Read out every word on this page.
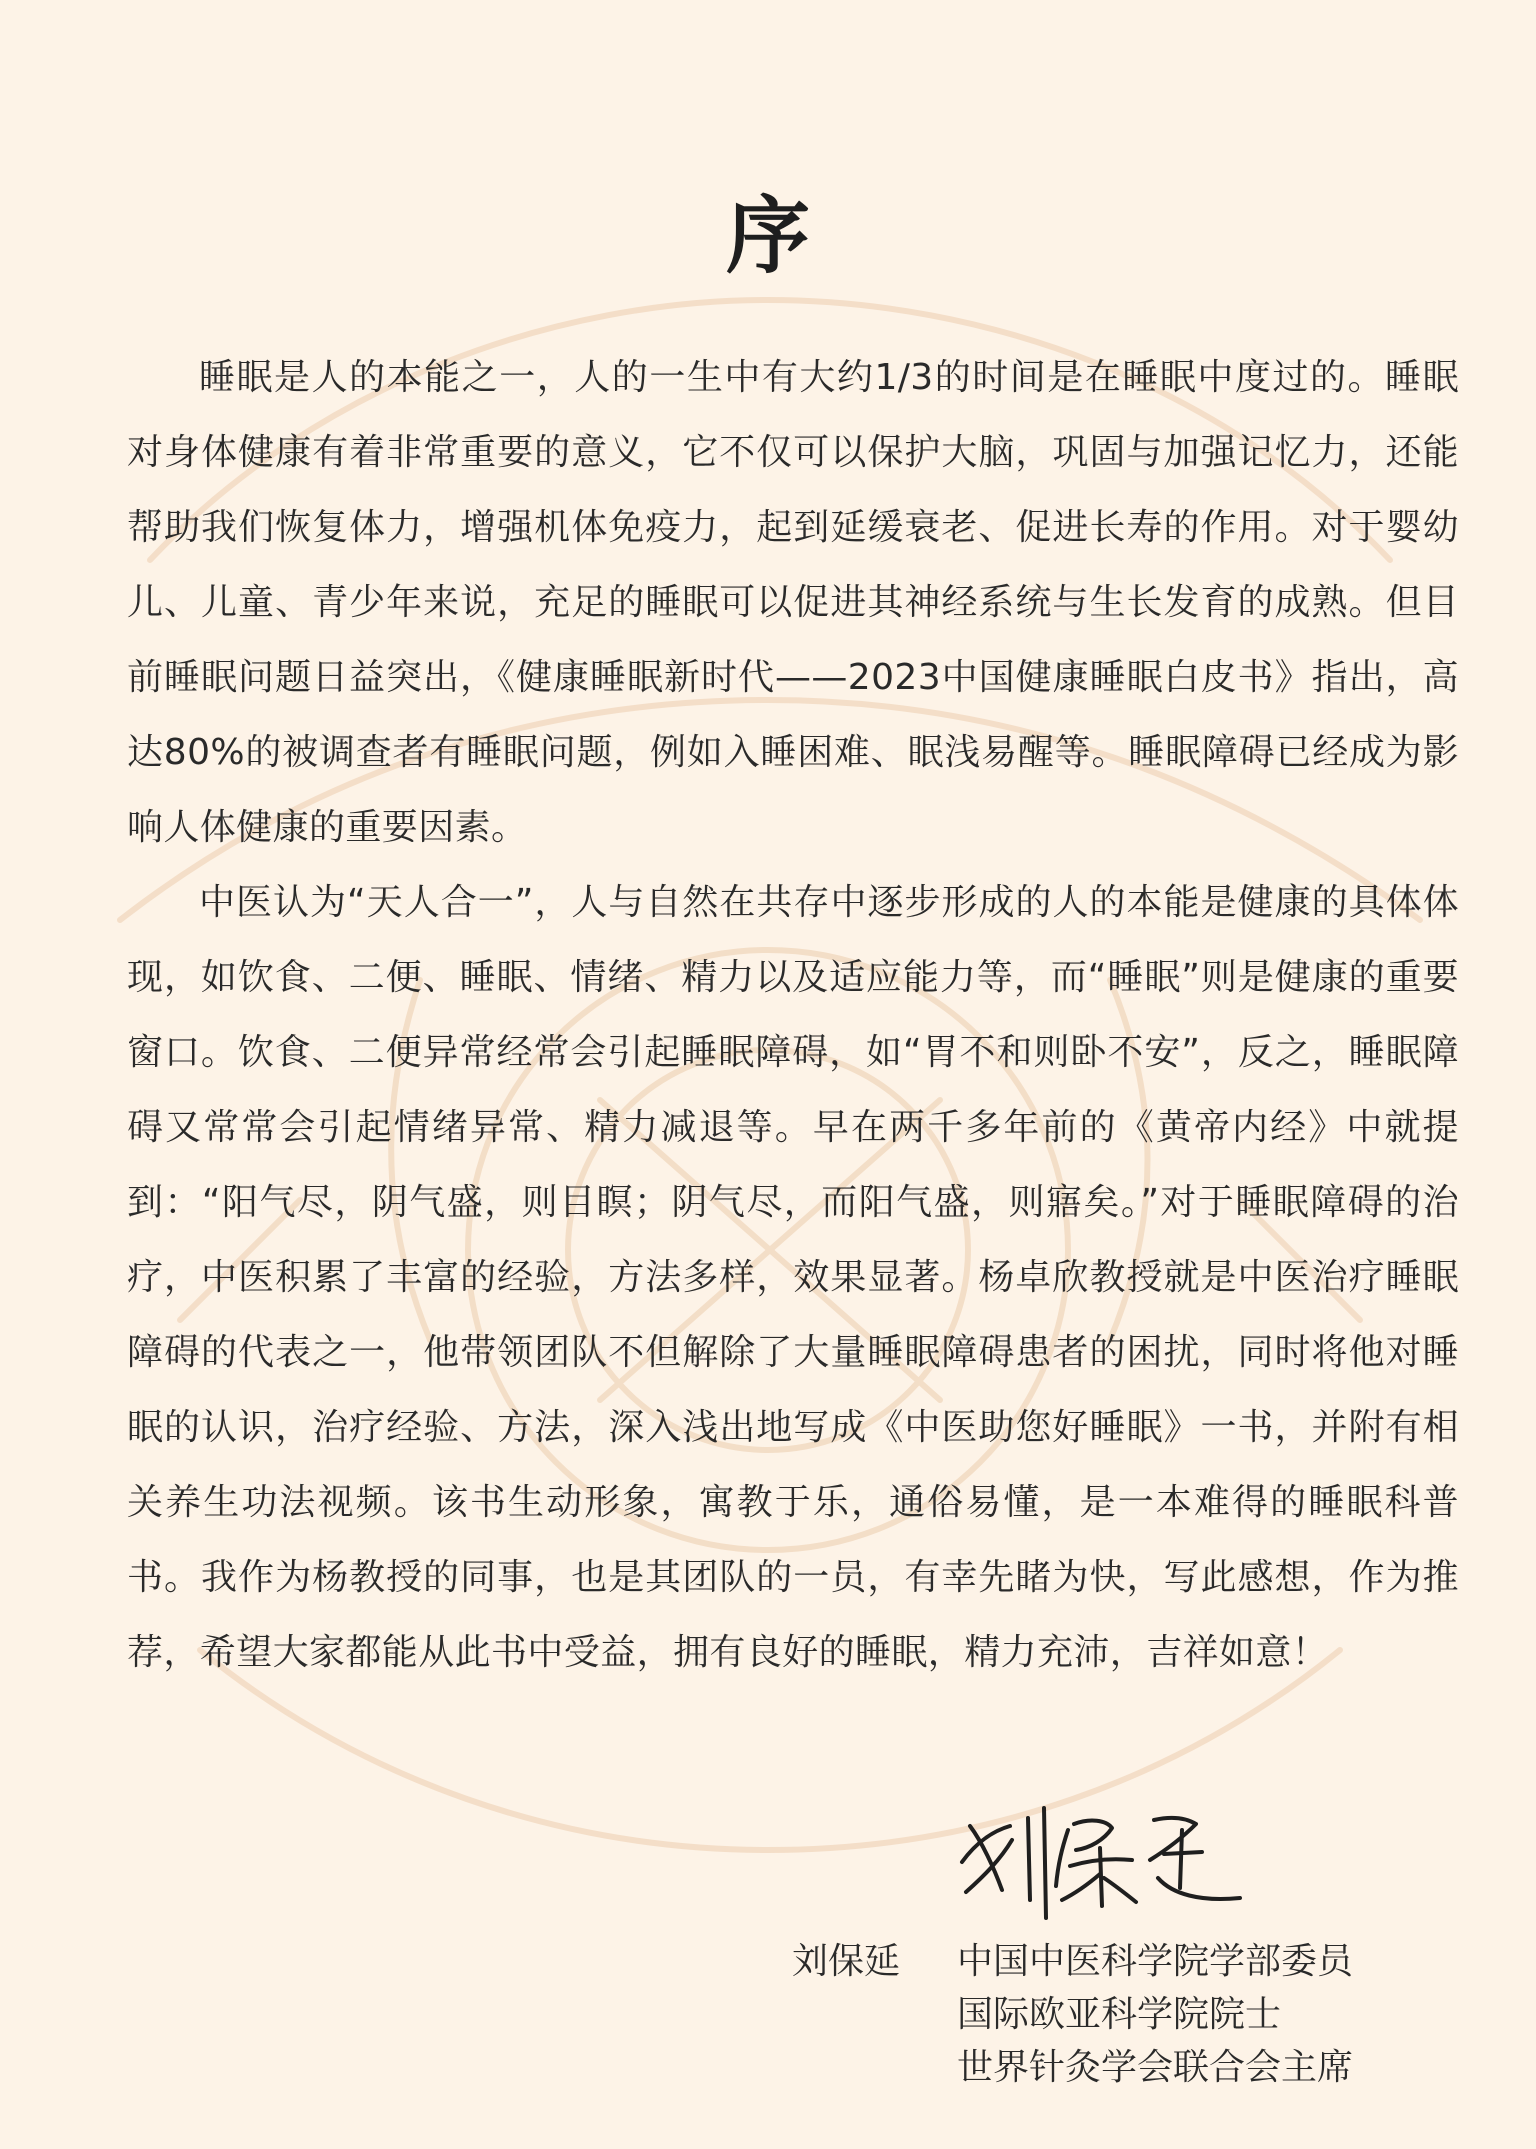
序

睡眠是人的本能之一，人的一生中有大约1/3的时间是在睡眠中度过的。睡眠对身体健康有着非常重要的意义，它不仅可以保护大脑，巩固与加强记忆力，还能帮助我们恢复体力，增强机体免疫力，起到延缓衰老、促进长寿的作用。对于婴幼儿、儿童、青少年来说，充足的睡眠可以促进其神经系统与生长发育的成熟。但目前睡眠问题日益突出，《健康睡眠新时代——2023中国健康睡眠白皮书》指出，高达80%的被调查者有睡眠问题，例如入睡困难、眠浅易醒等。睡眠障碍已经成为影响人体健康的重要因素。

中医认为“天人合一”，人与自然在共存中逐步形成的人的本能是健康的具体体现，如饮食、二便、睡眠、情绪、精力以及适应能力等，而“睡眠”则是健康的重要窗口。饮食、二便异常经常会引起睡眠障碍，如“胃不和则卧不安”，反之，睡眠障碍又常常会引起情绪异常、精力减退等。早在两千多年前的《黄帝内经》中就提到：“阳气尽，阴气盛，则目瞑；阴气尽，而阳气盛，则寤矣。”对于睡眠障碍的治疗，中医积累了丰富的经验，方法多样，效果显著。杨卓欣教授就是中医治疗睡眠障碍的代表之一，他带领团队不但解除了大量睡眠障碍患者的困扰，同时将他对睡眠的认识，治疗经验、方法，深入浅出地写成《中医助您好睡眠》一书，并附有相关养生功法视频。该书生动形象，寓教于乐，通俗易懂，是一本难得的睡眠科普书。我作为杨教授的同事，也是其团队的一员，有幸先睹为快，写此感想，作为推荐，希望大家都能从此书中受益，拥有良好的睡眠，精力充沛，吉祥如意！

刘保延 中国中医科学院学部委员
国际欧亚科学院院士
世界针灸学会联合会主席
